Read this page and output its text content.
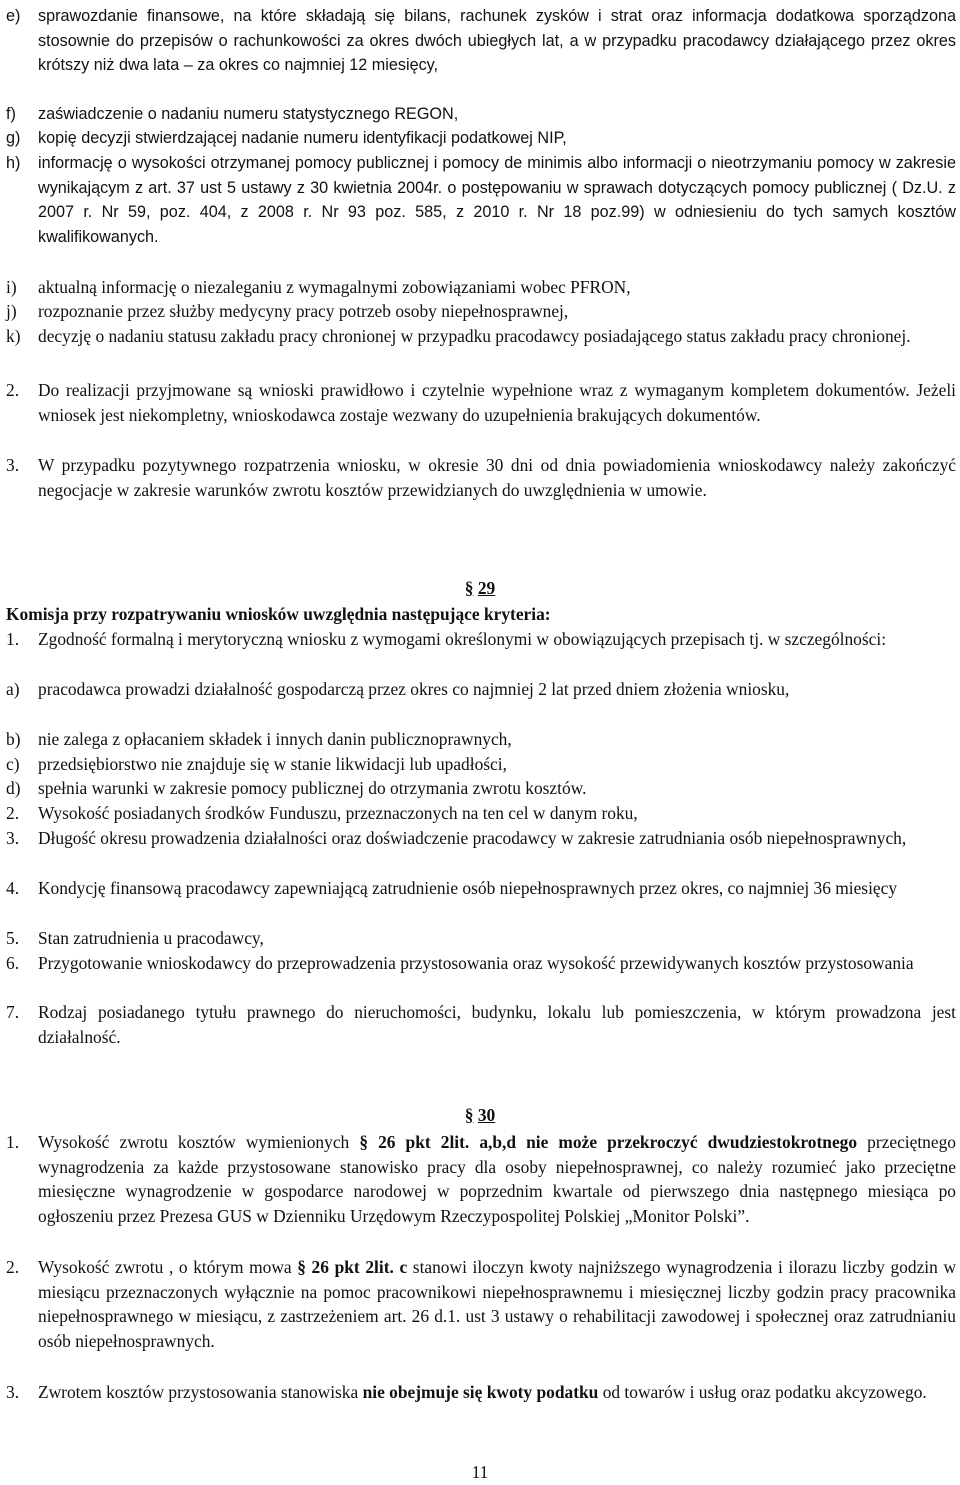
e) sprawozdanie finansowe, na które składają się bilans, rachunek zysków i strat oraz informacja dodatkowa sporządzona stosownie do przepisów o rachunkowości za okres dwóch ubiegłych lat, a w przypadku pracodawcy działającego przez okres krótszy niż dwa lata – za okres co najmniej 12 miesięcy,
f) zaświadczenie o nadaniu numeru statystycznego REGON,
g) kopię decyzji stwierdzającej nadanie numeru identyfikacji podatkowej NIP,
h) informację o wysokości otrzymanej pomocy publicznej i pomocy de minimis albo informacji o nieotrzymaniu pomocy w zakresie wynikającym z art. 37 ust 5 ustawy z 30 kwietnia 2004r. o postępowaniu w sprawach dotyczących pomocy publicznej ( Dz.U. z 2007 r. Nr 59, poz. 404, z 2008 r. Nr 93 poz. 585, z 2010 r. Nr 18 poz.99) w odniesieniu do tych samych kosztów kwalifikowanych.
i) aktualną informację o niezaleganiu z wymagalnymi zobowiązaniami wobec PFRON,
j) rozpoznanie przez służby medycyny pracy potrzeb osoby niepełnosprawnej,
k) decyzję o nadaniu statusu zakładu pracy chronionej w przypadku pracodawcy posiadającego status zakładu pracy chronionej.
2. Do realizacji przyjmowane są wnioski prawidłowo i czytelnie wypełnione wraz z wymaganym kompletem dokumentów. Jeżeli wniosek jest niekompletny, wnioskodawca zostaje wezwany do uzupełnienia brakujących dokumentów.
3. W przypadku pozytywnego rozpatrzenia wniosku, w okresie 30 dni od dnia powiadomienia wnioskodawcy należy zakończyć negocjacje w zakresie warunków zwrotu kosztów przewidzianych do uwzględnienia w umowie.
§ 29
Komisja przy rozpatrywaniu wniosków uwzględnia następujące kryteria:
1. Zgodność formalną i merytoryczną wniosku z wymogami określonymi w obowiązujących przepisach tj. w szczególności:
a) pracodawca prowadzi działalność gospodarczą przez okres co najmniej 2 lat przed dniem złożenia wniosku,
b) nie zalega z opłacaniem składek i innych danin publicznoprawnych,
c) przedsiębiorstwo nie znajduje się w stanie likwidacji lub upadłości,
d) spełnia warunki w zakresie pomocy publicznej do otrzymania zwrotu kosztów.
2. Wysokość posiadanych środków Funduszu, przeznaczonych na ten cel w danym roku,
3. Długość okresu prowadzenia działalności oraz doświadczenie pracodawcy w zakresie zatrudniania osób niepełnosprawnych,
4. Kondycję finansową pracodawcy zapewniającą zatrudnienie osób niepełnosprawnych przez okres, co najmniej 36 miesięcy
5. Stan zatrudnienia u pracodawcy,
6. Przygotowanie wnioskodawcy do przeprowadzenia przystosowania oraz wysokość przewidywanych kosztów przystosowania
7. Rodzaj posiadanego tytułu prawnego do nieruchomości, budynku, lokalu lub pomieszczenia, w którym prowadzona jest działalność.
§ 30
1. Wysokość zwrotu kosztów wymienionych § 26 pkt 2lit. a,b,d nie może przekroczyć dwudziestokrotnego przeciętnego wynagrodzenia za każde przystosowane stanowisko pracy dla osoby niepełnosprawnej, co należy rozumieć jako przeciętne miesięczne wynagrodzenie w gospodarce narodowej w poprzednim kwartale od pierwszego dnia następnego miesiąca po ogłoszeniu przez Prezesa GUS w Dzienniku Urzędowym Rzeczypospolitej Polskiej „Monitor Polski”.
2. Wysokość zwrotu , o którym mowa § 26 pkt 2lit. c stanowi iloczyn kwoty najniższego wynagrodzenia i ilorazu liczby godzin w miesiącu przeznaczonych wyłącznie na pomoc pracownikowi niepełnosprawnemu i miesięcznej liczby godzin pracy pracownika niepełnosprawnego w miesiącu, z zastrzeżeniem art. 26 d.1. ust 3 ustawy o rehabilitacji zawodowej i społecznej oraz zatrudnianiu osób niepełnosprawnych.
3. Zwrotem kosztów przystosowania stanowiska nie obejmuje się kwoty podatku od towarów i usług oraz podatku akcyzowego.
11
